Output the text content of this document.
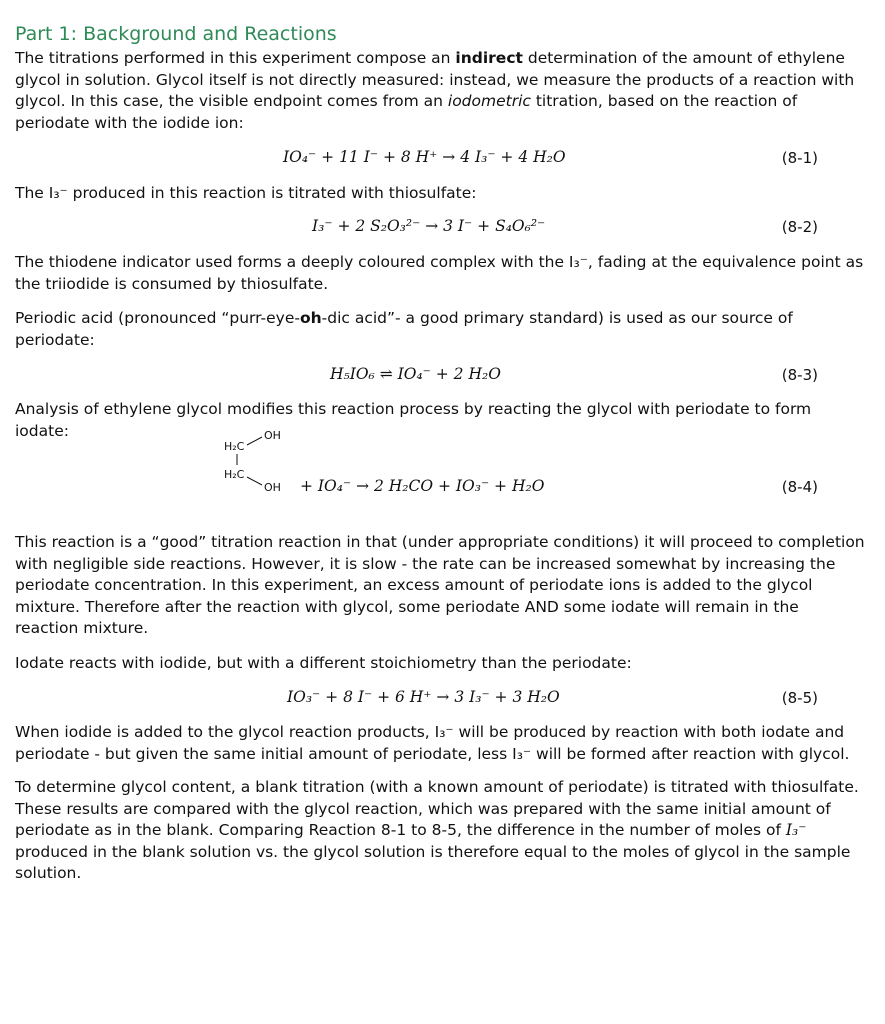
Part 1: Background and Reactions

The titrations performed in this experiment compose an indirect determination of the amount of ethylene glycol in solution. Glycol itself is not directly measured: instead, we measure the products of a reaction with glycol. In this case, the visible endpoint comes from an iodometric titration, based on the reaction of periodate with the iodide ion:

IO₄⁻ + 11 I⁻ + 8 H⁺ → 4 I₃⁻ + 4 H₂O	(8-1)

The I₃⁻ produced in this reaction is titrated with thiosulfate:

I₃⁻ + 2 S₂O₃²⁻ → 3 I⁻ + S₄O₆²⁻	(8-2)

The thiodene indicator used forms a deeply coloured complex with the I₃⁻, fading at the equivalence point as the triiodide is consumed by thiosulfate.

Periodic acid (pronounced “purr-eye-oh-dic acid”- a good primary standard) is used as our source of periodate:

H₅IO₆ ⇌ IO₄⁻ + 2 H₂O	(8-3)

Analysis of ethylene glycol modifies this reaction process by reacting the glycol with periodate to form iodate:

H₂C
OH
H₂C
OH + IO₄⁻ → 2 H₂CO + IO₃⁻ + H₂O	(8-4)

This reaction is a “good” titration reaction in that (under appropriate conditions) it will proceed to completion with negligible side reactions. However, it is slow - the rate can be increased somewhat by increasing the periodate concentration. In this experiment, an excess amount of periodate ions is added to the glycol mixture. Therefore after the reaction with glycol, some periodate AND some iodate will remain in the reaction mixture.

Iodate reacts with iodide, but with a different stoichiometry than the periodate:

IO₃⁻ + 8 I⁻ + 6 H⁺ → 3 I₃⁻ + 3 H₂O	(8-5)

When iodide is added to the glycol reaction products, I₃⁻ will be produced by reaction with both iodate and periodate - but given the same initial amount of periodate, less I₃⁻ will be formed after reaction with glycol.

To determine glycol content, a blank titration (with a known amount of periodate) is titrated with thiosulfate. These results are compared with the glycol reaction, which was prepared with the same initial amount of periodate as in the blank. Comparing Reaction 8-1 to 8-5, the difference in the number of moles of I₃⁻ produced in the blank solution vs. the glycol solution is therefore equal to the moles of glycol in the sample solution.
